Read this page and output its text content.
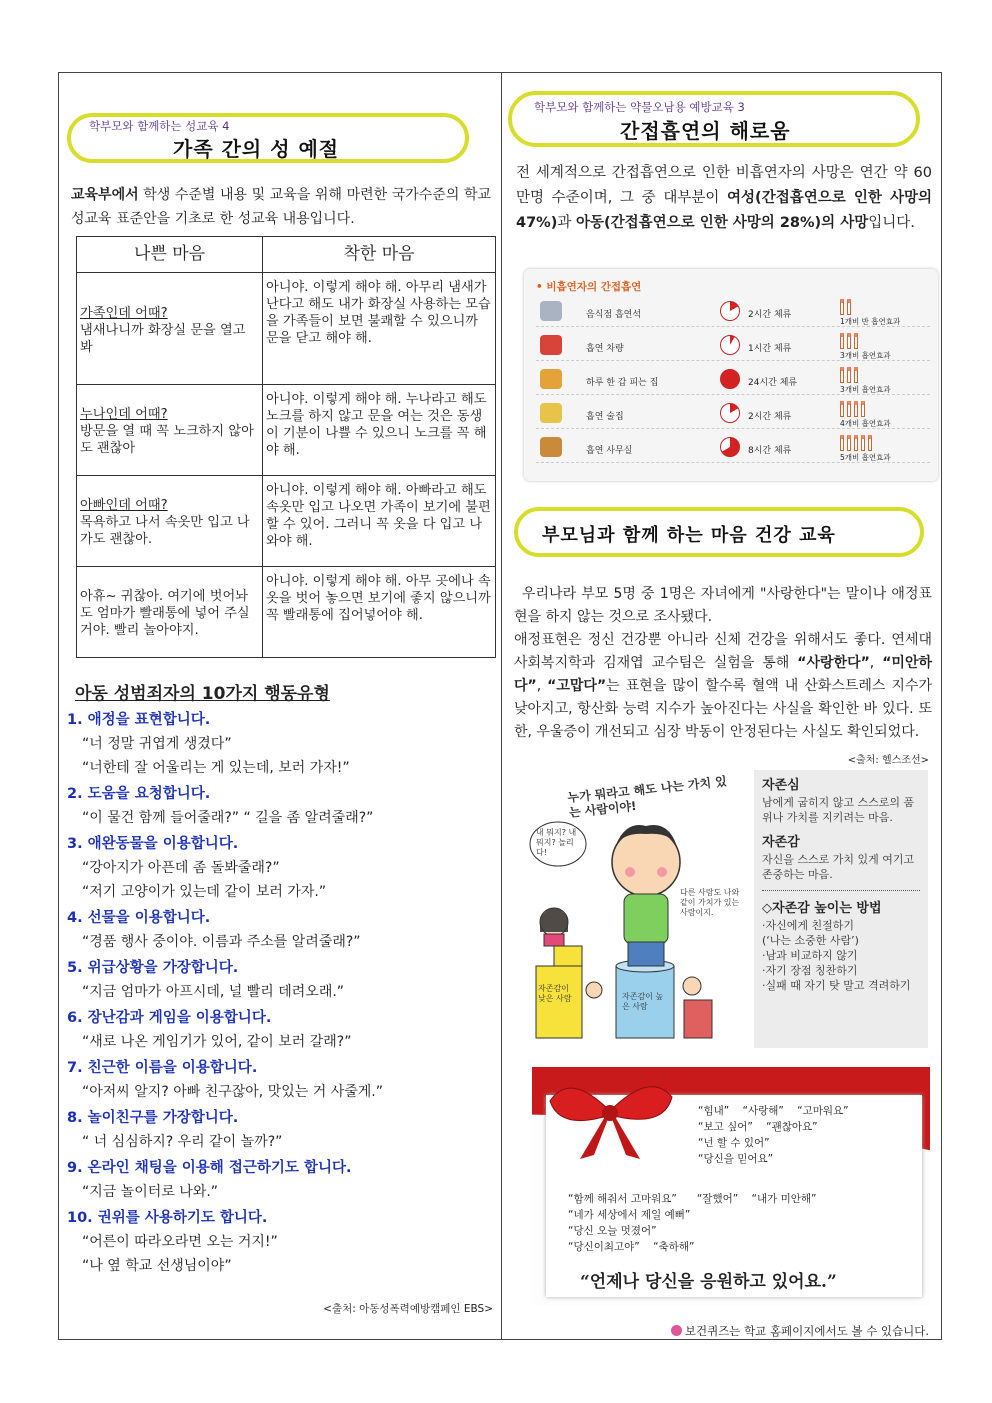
학부모와 함께하는 성교육 4
가족 간의 성 예절
교육부에서 학생 수준별 내용 및 교육을 위해 마련한 국가수준의 학교 성교육 표준안을 기초로 한 성교육 내용입니다.
나쁜 마음	착한 마음

가족인데 어때?
냄새나니까 화장실 문을 열고 봐	아니야. 이렇게 해야 해. 아무리 냄새가 난다고 해도 내가 화장실 사용하는 모습을 가족들이 보면 불쾌할 수 있으니까 문을 닫고 해야 해.

누나인데 어때?
방문을 열 때 꼭 노크하지 않아도 괜찮아	아니야. 이렇게 해야 해. 누나라고 해도 노크를 하지 않고 문을 여는 것은 동생이 기분이 나쁠 수 있으니 노크를 꼭 해야 해.

아빠인데 어때?
목욕하고 나서 속옷만 입고 나가도 괜찮아.	아니야. 이렇게 해야 해. 아빠라고 해도 속옷만 입고 나오면 가족이 보기에 불편할 수 있어. 그러니 꼭 옷을 다 입고 나와야 해.

아휴~ 귀찮아. 여기에 벗어놔도 엄마가 빨래통에 넣어 주실 거야. 빨리 놀아야지.	아니야. 이렇게 해야 해. 아무 곳에나 속옷을 벗어 놓으면 보기에 좋지 않으니까 꼭 빨래통에 집어넣어야 해.
아동 성범죄자의 10가지 행동유형
1. 애정을 표현합니다.
“너 정말 귀엽게 생겼다”
“너한테 잘 어울리는 게 있는데, 보러 가자!”
2. 도움을 요청합니다.
“이 물건 함께 들어줄래?” “ 길을 좀 알려줄래?”
3. 애완동물을 이용합니다.
“강아지가 아픈데 좀 돌봐줄래?”
“저기 고양이가 있는데 같이 보러 가자.”
4. 선물을 이용합니다.
“경품 행사 중이야. 이름과 주소를 알려줄래?”
5. 위급상황을 가장합니다.
“지금 엄마가 아프시데, 널 빨리 데려오래.”
6. 장난감과 게임을 이용합니다.
“새로 나온 게임기가 있어, 같이 보러 갈래?”
7. 친근한 이름을 이용합니다.
“아저씨 알지? 아빠 친구잖아, 맛있는 거 사줄게.”
8. 놀이친구를 가장합니다.
“ 너 심심하지? 우리 같이 놀까?”
9. 온라인 채팅을 이용해 접근하기도 합니다.
“지금 놀이터로 나와.”
10. 권위를 사용하기도 합니다.
“어른이 따라오라면 오는 거지!”
“나 옆 학교 선생님이야”
<출처: 아동성폭력예방캠페인 EBS>
학부모와 함께하는 약물오남용 예방교육 3
간접흡연의 해로움
전 세계적으로 간접흡연으로 인한 비흡연자의 사망은 연간 약 60만명 수준이며, 그 중 대부분이 여성(간접흡연으로 인한 사망의 47%)과 아동(간접흡연으로 인한 사망의 28%)의 사망입니다.
• 비흡연자의 간접흡연
음식점 흡연석	2시간 체류
1개비 반 흡연효과
흡연 차량	1시간 체류
3개비 흡연효과
하루 한 갑 피는 집	24시간 체류
3개비 흡연효과
흡연 술집	2시간 체류
4개비 흡연효과
흡연 사무실	8시간 체류
5개비 흡연효과
부모님과 함께 하는 마음 건강 교육
우리나라 부모 5명 중 1명은 자녀에게 "사랑한다"는 말이나 애정표현을 하지 않는 것으로 조사됐다.
애정표현은 정신 건강뿐 아니라 신체 건강을 위해서도 좋다. 연세대 사회복지학과 김재엽 교수팀은 실험을 통해 “사랑한다”, “미안하다”, “고맙다”는 표현을 많이 할수록 혈액 내 산화스트레스 지수가 낮아지고, 항산화 능력 지수가 높아진다는 사실을 확인한 바 있다. 또한, 우울증이 개선되고 심장 박동이 안정된다는 사실도 확인되었다.
<출처: 헬스조선>
누가 뭐라고 해도 나는 가치 있는 사람이야!
내 뭐지? 내 뭐지? 놀리다!
다른 사람도 나와 같이 가치가 있는 사람이지.
자존감이 낮은 사람	자존감이 높은 사람
자존심
남에게 굽히지 않고 스스로의 품위나 가치를 지키려는 마음.
자존감
자신을 스스로 가치 있게 여기고 존중하는 마음.
◇자존감 높이는 방법
·자신에게 친절하기
(‘나는 소중한 사람’)
·남과 비교하지 않기
·자기 장점 칭찬하기
·실패 때 자기 탓 말고 격려하기
“힘내”    “사랑해”    “고마워요”
“보고 싶어”    “괜찮아요”
“넌 할 수 있어”
“당신을 믿어요”
“함께 해줘서 고마워요”      “잘했어”    “내가 미안해”
“네가 세상에서 제일 예뻐”
“당신 오늘 멋졌어”
“당신이최고야”    “축하해”
“언제나 당신을 응원하고 있어요.”
보건퀴즈는 학교 홈페이지에서도 볼 수 있습니다.
